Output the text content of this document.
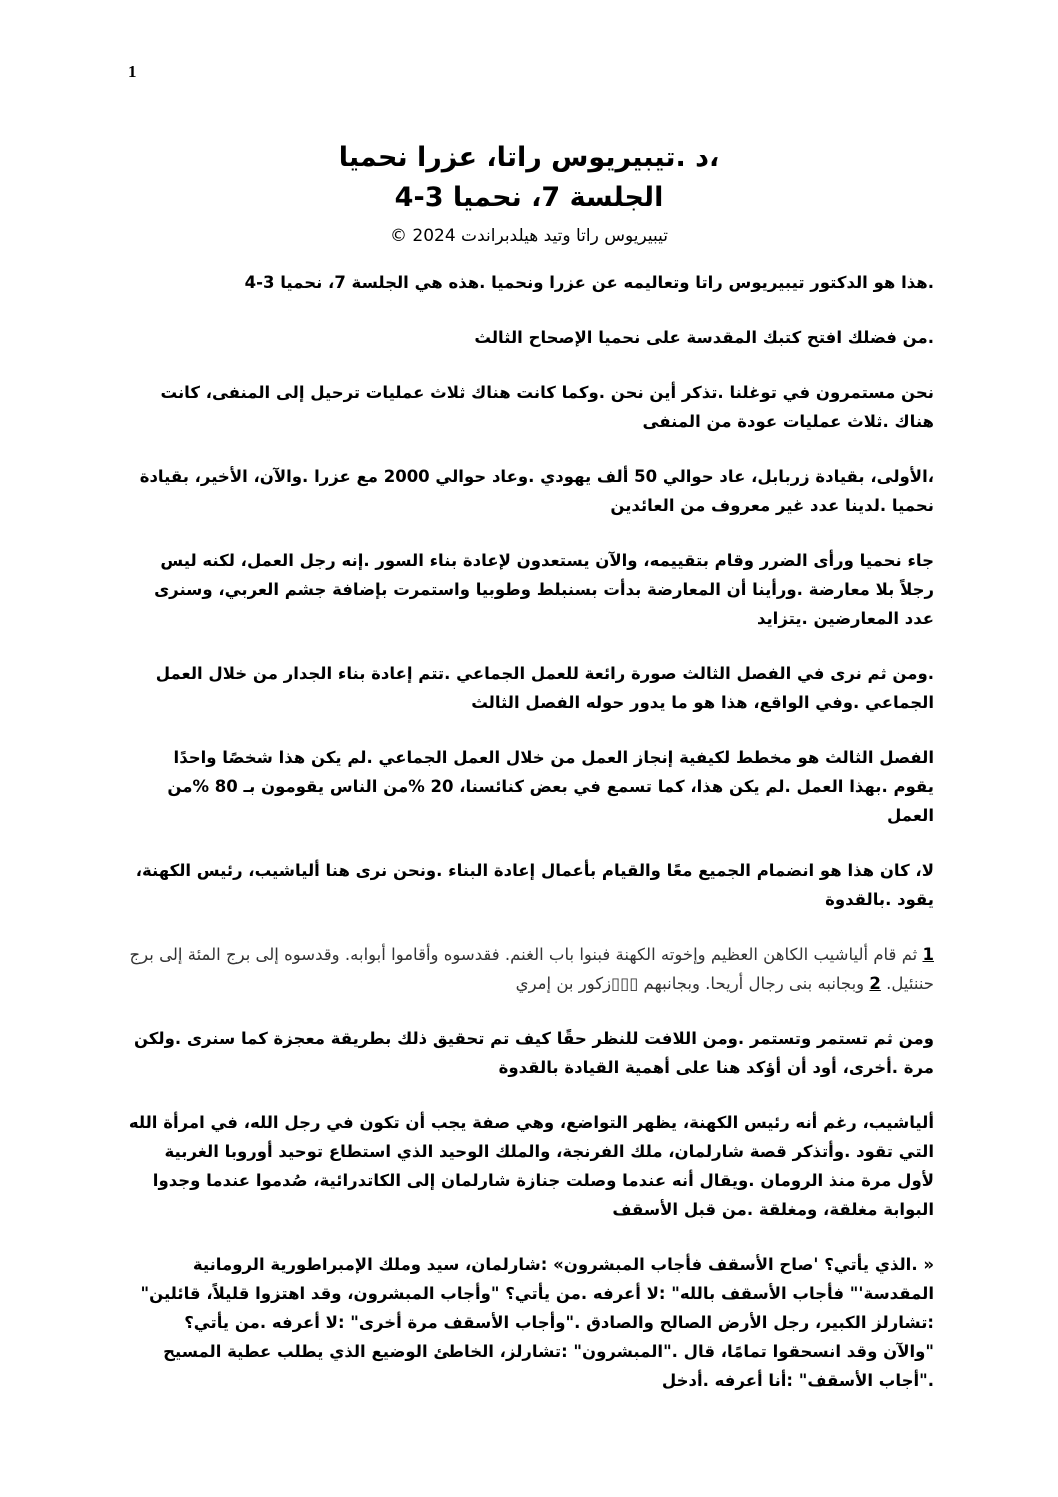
1

،د .تيبيريوس راتا، عزرا نحميا

الجلسة 7، نحميا 3-4

تيبيريوس راتا وتيد هيلدبراندت 2024 ©

.هذا هو الدكتور تيبيريوس راتا وتعاليمه عن عزرا ونحميا .هذه هي الجلسة 7، نحميا 3-4

.من فضلك افتح كتبك المقدسة على نحميا الإصحاح الثالث

نحن مستمرون في توغلنا .تذكر أين نحن .وكما كانت هناك ثلاث عمليات ترحيل إلى المنفى، كانت هناك .ثلاث عمليات عودة من المنفى

،الأولى، بقيادة زربابل، عاد حوالي 50 ألف يهودي .وعاد حوالي 2000 مع عزرا .والآن، الأخير، بقيادة نحميا .لدينا عدد غير معروف من العائدين

جاء نحميا ورأى الضرر وقام بتقييمه، والآن يستعدون لإعادة بناء السور .إنه رجل العمل، لكنه ليس رجلاً بلا معارضة .ورأينا أن المعارضة بدأت بسنبلط وطوبيا واستمرت بإضافة جشم العربي، وسنرى عدد المعارضين .يتزايد

.ومن ثم نرى في الفصل الثالث صورة رائعة للعمل الجماعي .تتم إعادة بناء الجدار من خلال العمل الجماعي .وفي الواقع، هذا هو ما يدور حوله الفصل الثالث

الفصل الثالث هو مخطط لكيفية إنجاز العمل من خلال العمل الجماعي .لم يكن هذا شخصًا واحدًا يقوم .بهذا العمل .لم يكن هذا، كما تسمع في بعض كنائسنا، 20 %من الناس يقومون بـ 80 %من العمل

لا، كان هذا هو انضمام الجميع معًا والقيام بأعمال إعادة البناء .ونحن نرى هنا ألياشيب، رئيس الكهنة، يقود .بالقدوة

1 ثم قام ألياشيب الكاهن العظيم وإخوته الكهنة فبنوا باب الغنم. فقدسوه وأقاموا أبوابه. وقدسوه إلى برج المئة إلى برج حننئيل. 2 وبجانبه بنى رجال أريحا. وبجانبهم ▯▯▯زكور بن إمري

ومن ثم تستمر وتستمر .ومن اللافت للنظر حقًا كيف تم تحقيق ذلك بطريقة معجزة كما سنرى .ولكن مرة .أخرى، أود أن أؤكد هنا على أهمية القيادة بالقدوة

ألياشيب، رغم أنه رئيس الكهنة، يظهر التواضع، وهي صفة يجب أن تكون في رجل الله، في امرأة الله التي تقود .وأتذكر قصة شارلمان، ملك الفرنجة، والملك الوحيد الذي استطاع توحيد أوروبا الغربية لأول مرة منذ الرومان .ويقال أنه عندما وصلت جنازة شارلمان إلى الكاتدرائية، صُدموا عندما وجدوا البوابة مغلقة، ومغلقة .من قبل الأسقف

« .الذي يأتي؟ 'صاح الأسقف فأجاب المبشرون» :شارلمان، سيد وملك الإمبراطورية الرومانية المقدسة'" فأجاب الأسقف بالله" :لا أعرفه .من يأتي؟ "وأجاب المبشرون، وقد اهتزوا قليلاً، قائلين" :تشارلز الكبير، رجل الأرض الصالح والصادق ."وأجاب الأسقف مرة أخرى" :لا أعرفه .من يأتي؟ "والآن وقد انسحقوا تمامًا، قال ."المبشرون" :تشارلز، الخاطئ الوضيع الذي يطلب عطية المسيح ."أجاب الأسقف" :أنا أعرفه .أدخل
